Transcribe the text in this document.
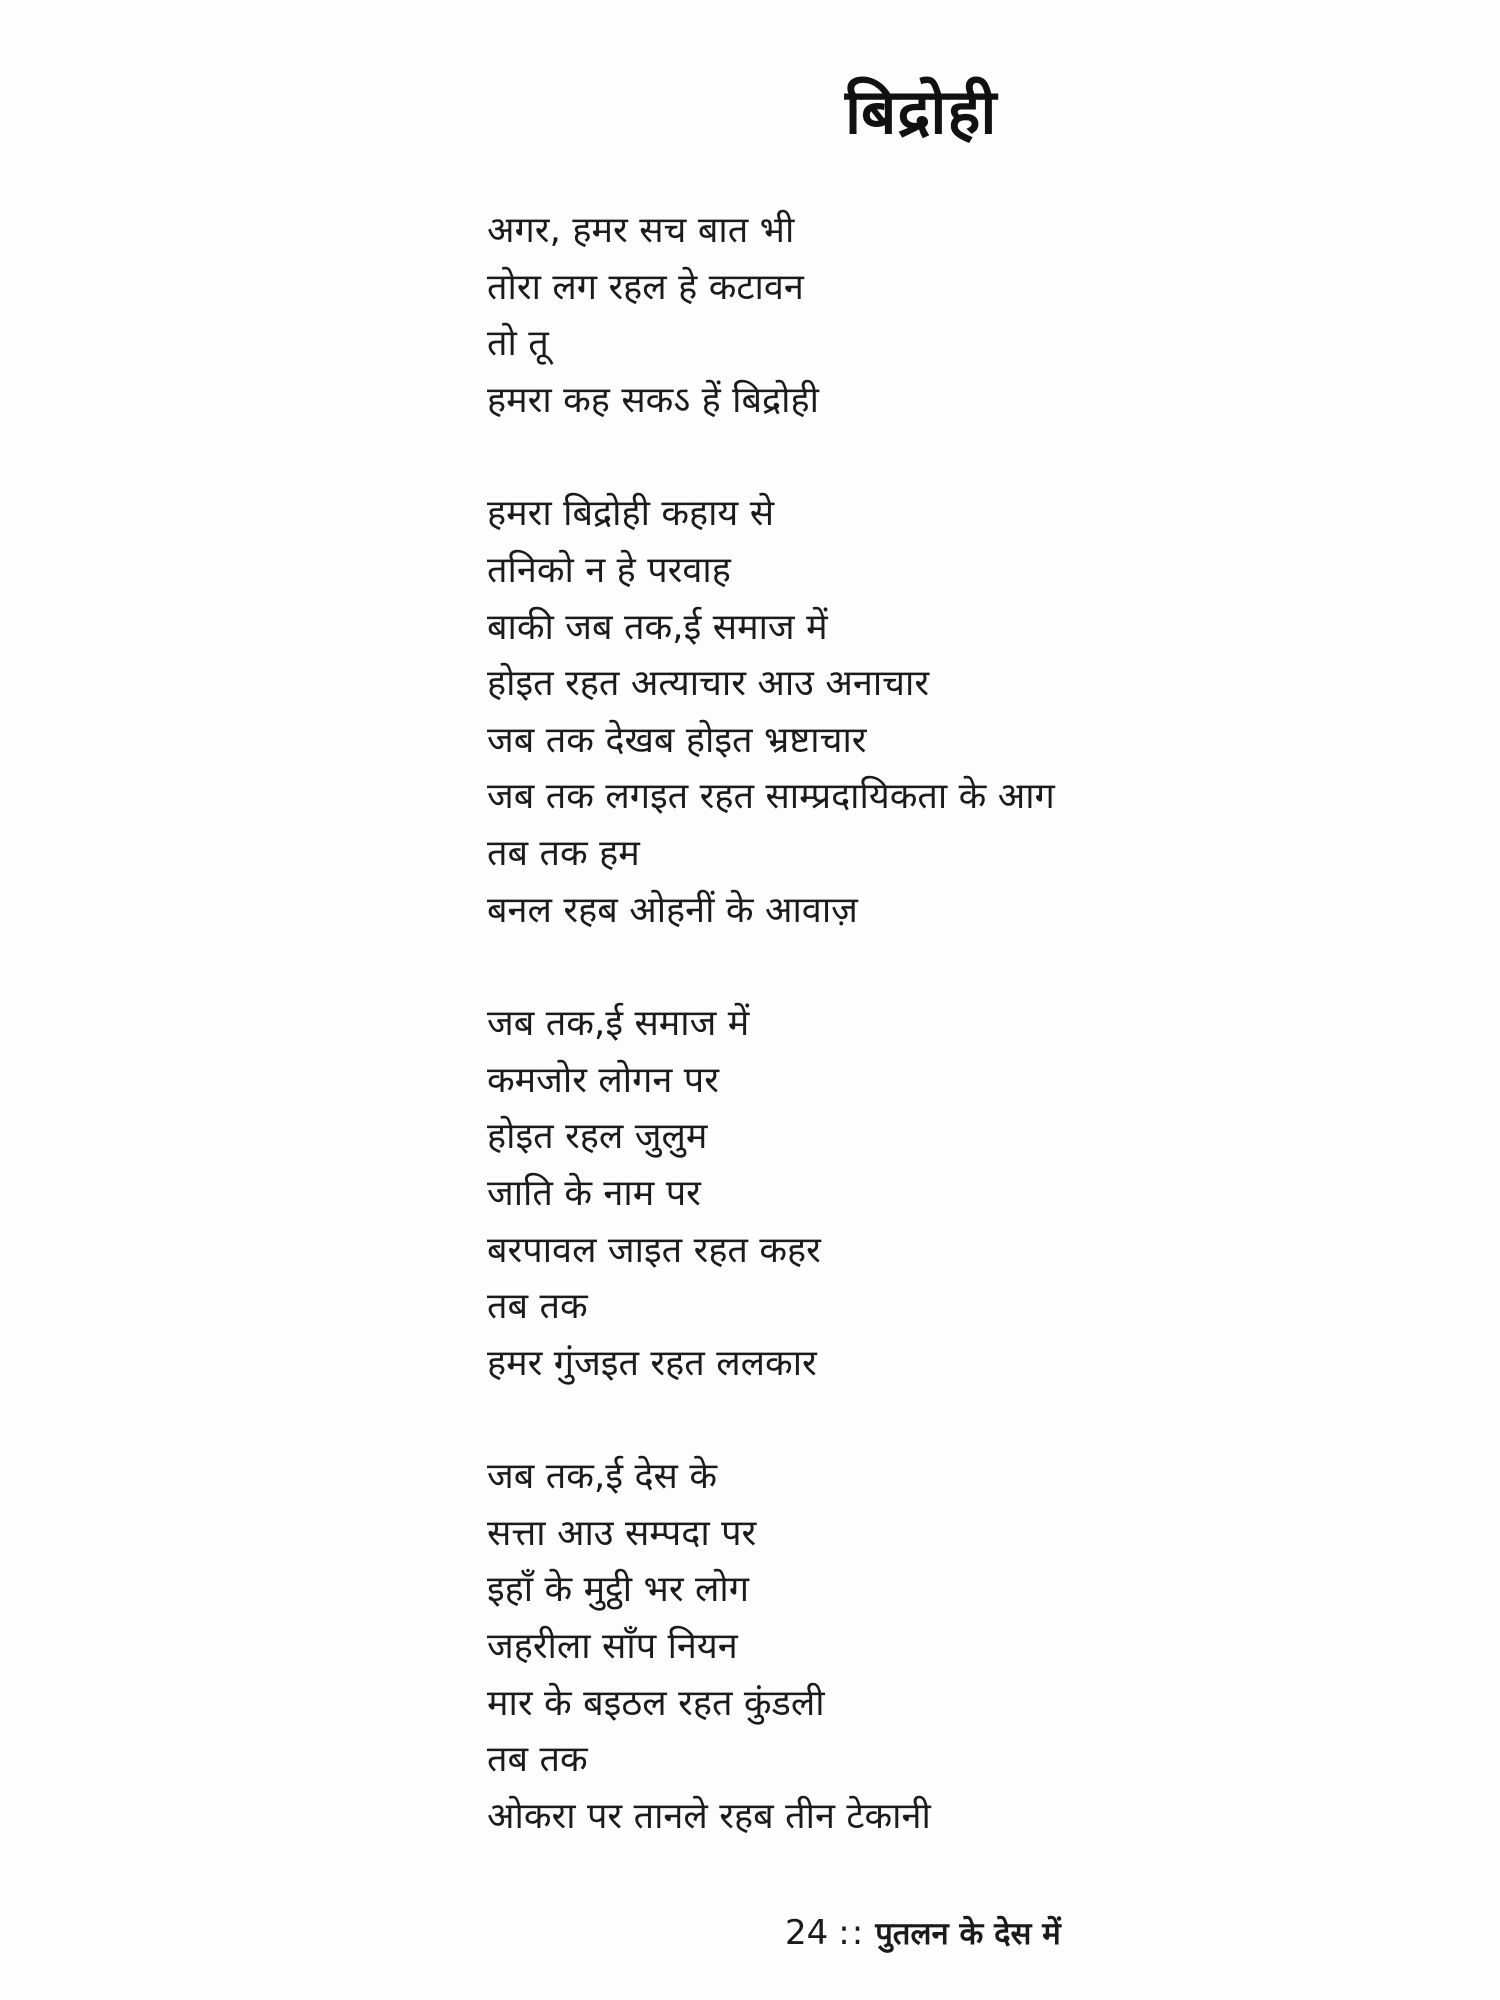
बिद्रोही
अगर, हमर सच बात भी
तोरा लग रहल हे कटावन
तो तू
हमरा कह सकऽ हें बिद्रोही
हमरा बिद्रोही कहाय से
तनिको न हे परवाह
बाकी जब तक,ई समाज में
होइत रहत अत्याचार आउ अनाचार
जब तक देखब होइत भ्रष्टाचार
जब तक लगइत रहत साम्प्रदायिकता के आग
तब तक हम
बनल रहब ओहनीं के आवाज़
जब तक,ई समाज में
कमजोर लोगन पर
होइत रहल जुलुम
जाति के नाम पर
बरपावल जाइत रहत कहर
तब तक
हमर गुंजइत रहत ललकार
जब तक,ई देस के
सत्ता आउ सम्पदा पर
इहाँ के मुट्ठी भर लोग
जहरीला साँप नियन
मार के बइठल रहत कुंडली
तब तक
ओकरा पर तानले रहब तीन टेकानी
24 :: पुतलन के देस में
